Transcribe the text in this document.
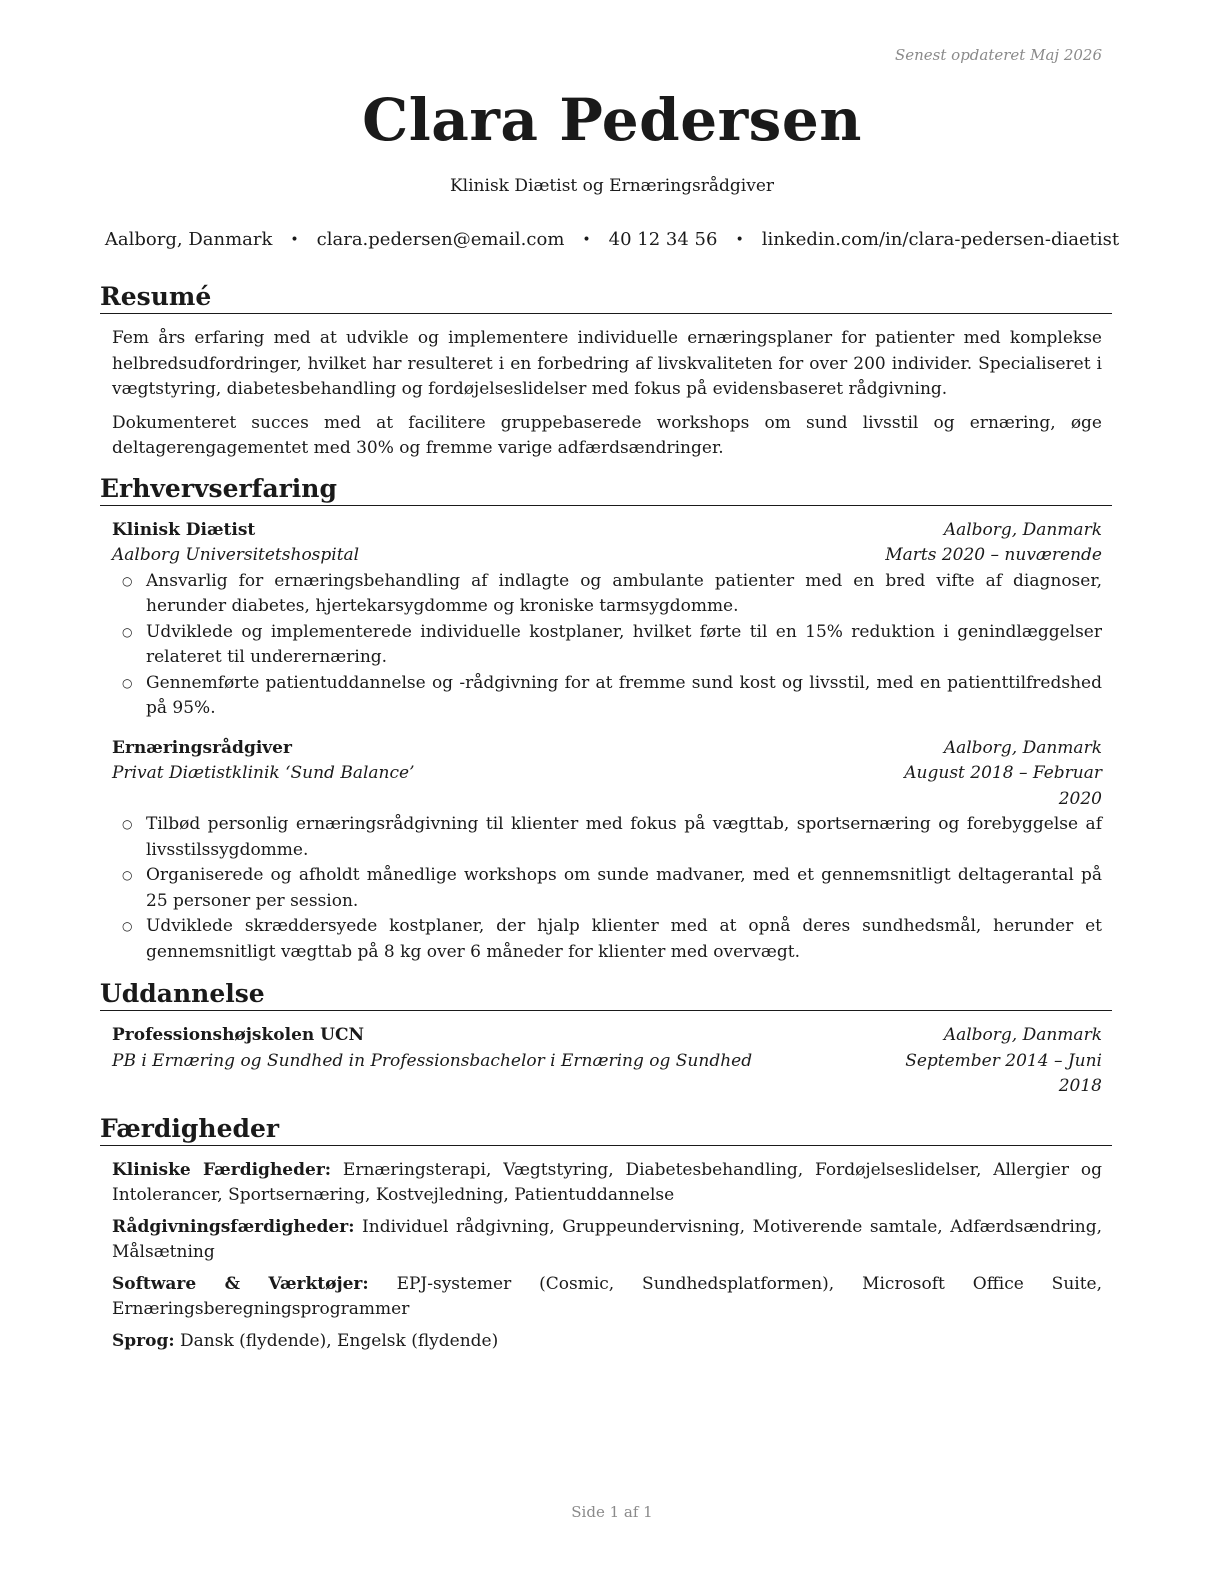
Senest opdateret Maj 2026
Clara Pedersen
Klinisk Diætist og Ernæringsrådgiver
Aalborg, Danmark • clara.pedersen@email.com • 40 12 34 56 • linkedin.com/in/clara-pedersen-diaetist
Resumé

Fem års erfaring med at udvikle og implementere individuelle ernæringsplaner for patienter med komplekse helbredsudfordringer, hvilket har resulteret i en forbedring af livskvaliteten for over 200 individer. Specialiseret i vægtstyring, diabetesbehandling og fordøjelseslidelser med fokus på evidensbaseret rådgivning.

Dokumenteret succes med at facilitere gruppebaserede workshops om sund livsstil og ernæring, øge deltagerengagementet med 30% og fremme varige adfærdsændringer.

Erhvervserfaring
Klinisk Diætist	Aalborg, Danmark
Aalborg Universitetshospital	Marts 2020 – nuværende
○ Ansvarlig for ernæringsbehandling af indlagte og ambulante patienter med en bred vifte af diagnoser, herunder diabetes, hjertekarsygdomme og kroniske tarmsygdomme.
○ Udviklede og implementerede individuelle kostplaner, hvilket førte til en 15% reduktion i genindlæggelser relateret til underernæring.
○ Gennemførte patientuddannelse og -rådgivning for at fremme sund kost og livsstil, med en patienttilfredshed på 95%.
Ernæringsrådgiver	Aalborg, Danmark
Privat Diætistklinik ‘Sund Balance’	August 2018 – Februar 2020
○ Tilbød personlig ernæringsrådgivning til klienter med fokus på vægttab, sportsernæring og forebyggelse af livsstilssygdomme.
○ Organiserede og afholdt månedlige workshops om sunde madvaner, med et gennemsnitligt deltagerantal på 25 personer per session.
○ Udviklede skræddersyede kostplaner, der hjalp klienter med at opnå deres sundhedsmål, herunder et gennemsnitligt vægttab på 8 kg over 6 måneder for klienter med overvægt.
Uddannelse
Professionshøjskolen UCN	Aalborg, Danmark
PB i Ernæring og Sundhed in Professionsbachelor i Ernæring og Sundhed	September 2014 – Juni 2018
Færdigheder
Kliniske Færdigheder: Ernæringsterapi, Vægtstyring, Diabetesbehandling, Fordøjelseslidelser, Allergier og Intolerancer, Sportsernæring, Kostvejledning, Patientuddannelse
Rådgivningsfærdigheder: Individuel rådgivning, Gruppeundervisning, Motiverende samtale, Adfærdsændring, Målsætning
Software & Værktøjer: EPJ-systemer (Cosmic, Sundhedsplatformen), Microsoft Office Suite, Ernæringsberegningsprogrammer
Sprog: Dansk (flydende), Engelsk (flydende)
Side 1 af 1
